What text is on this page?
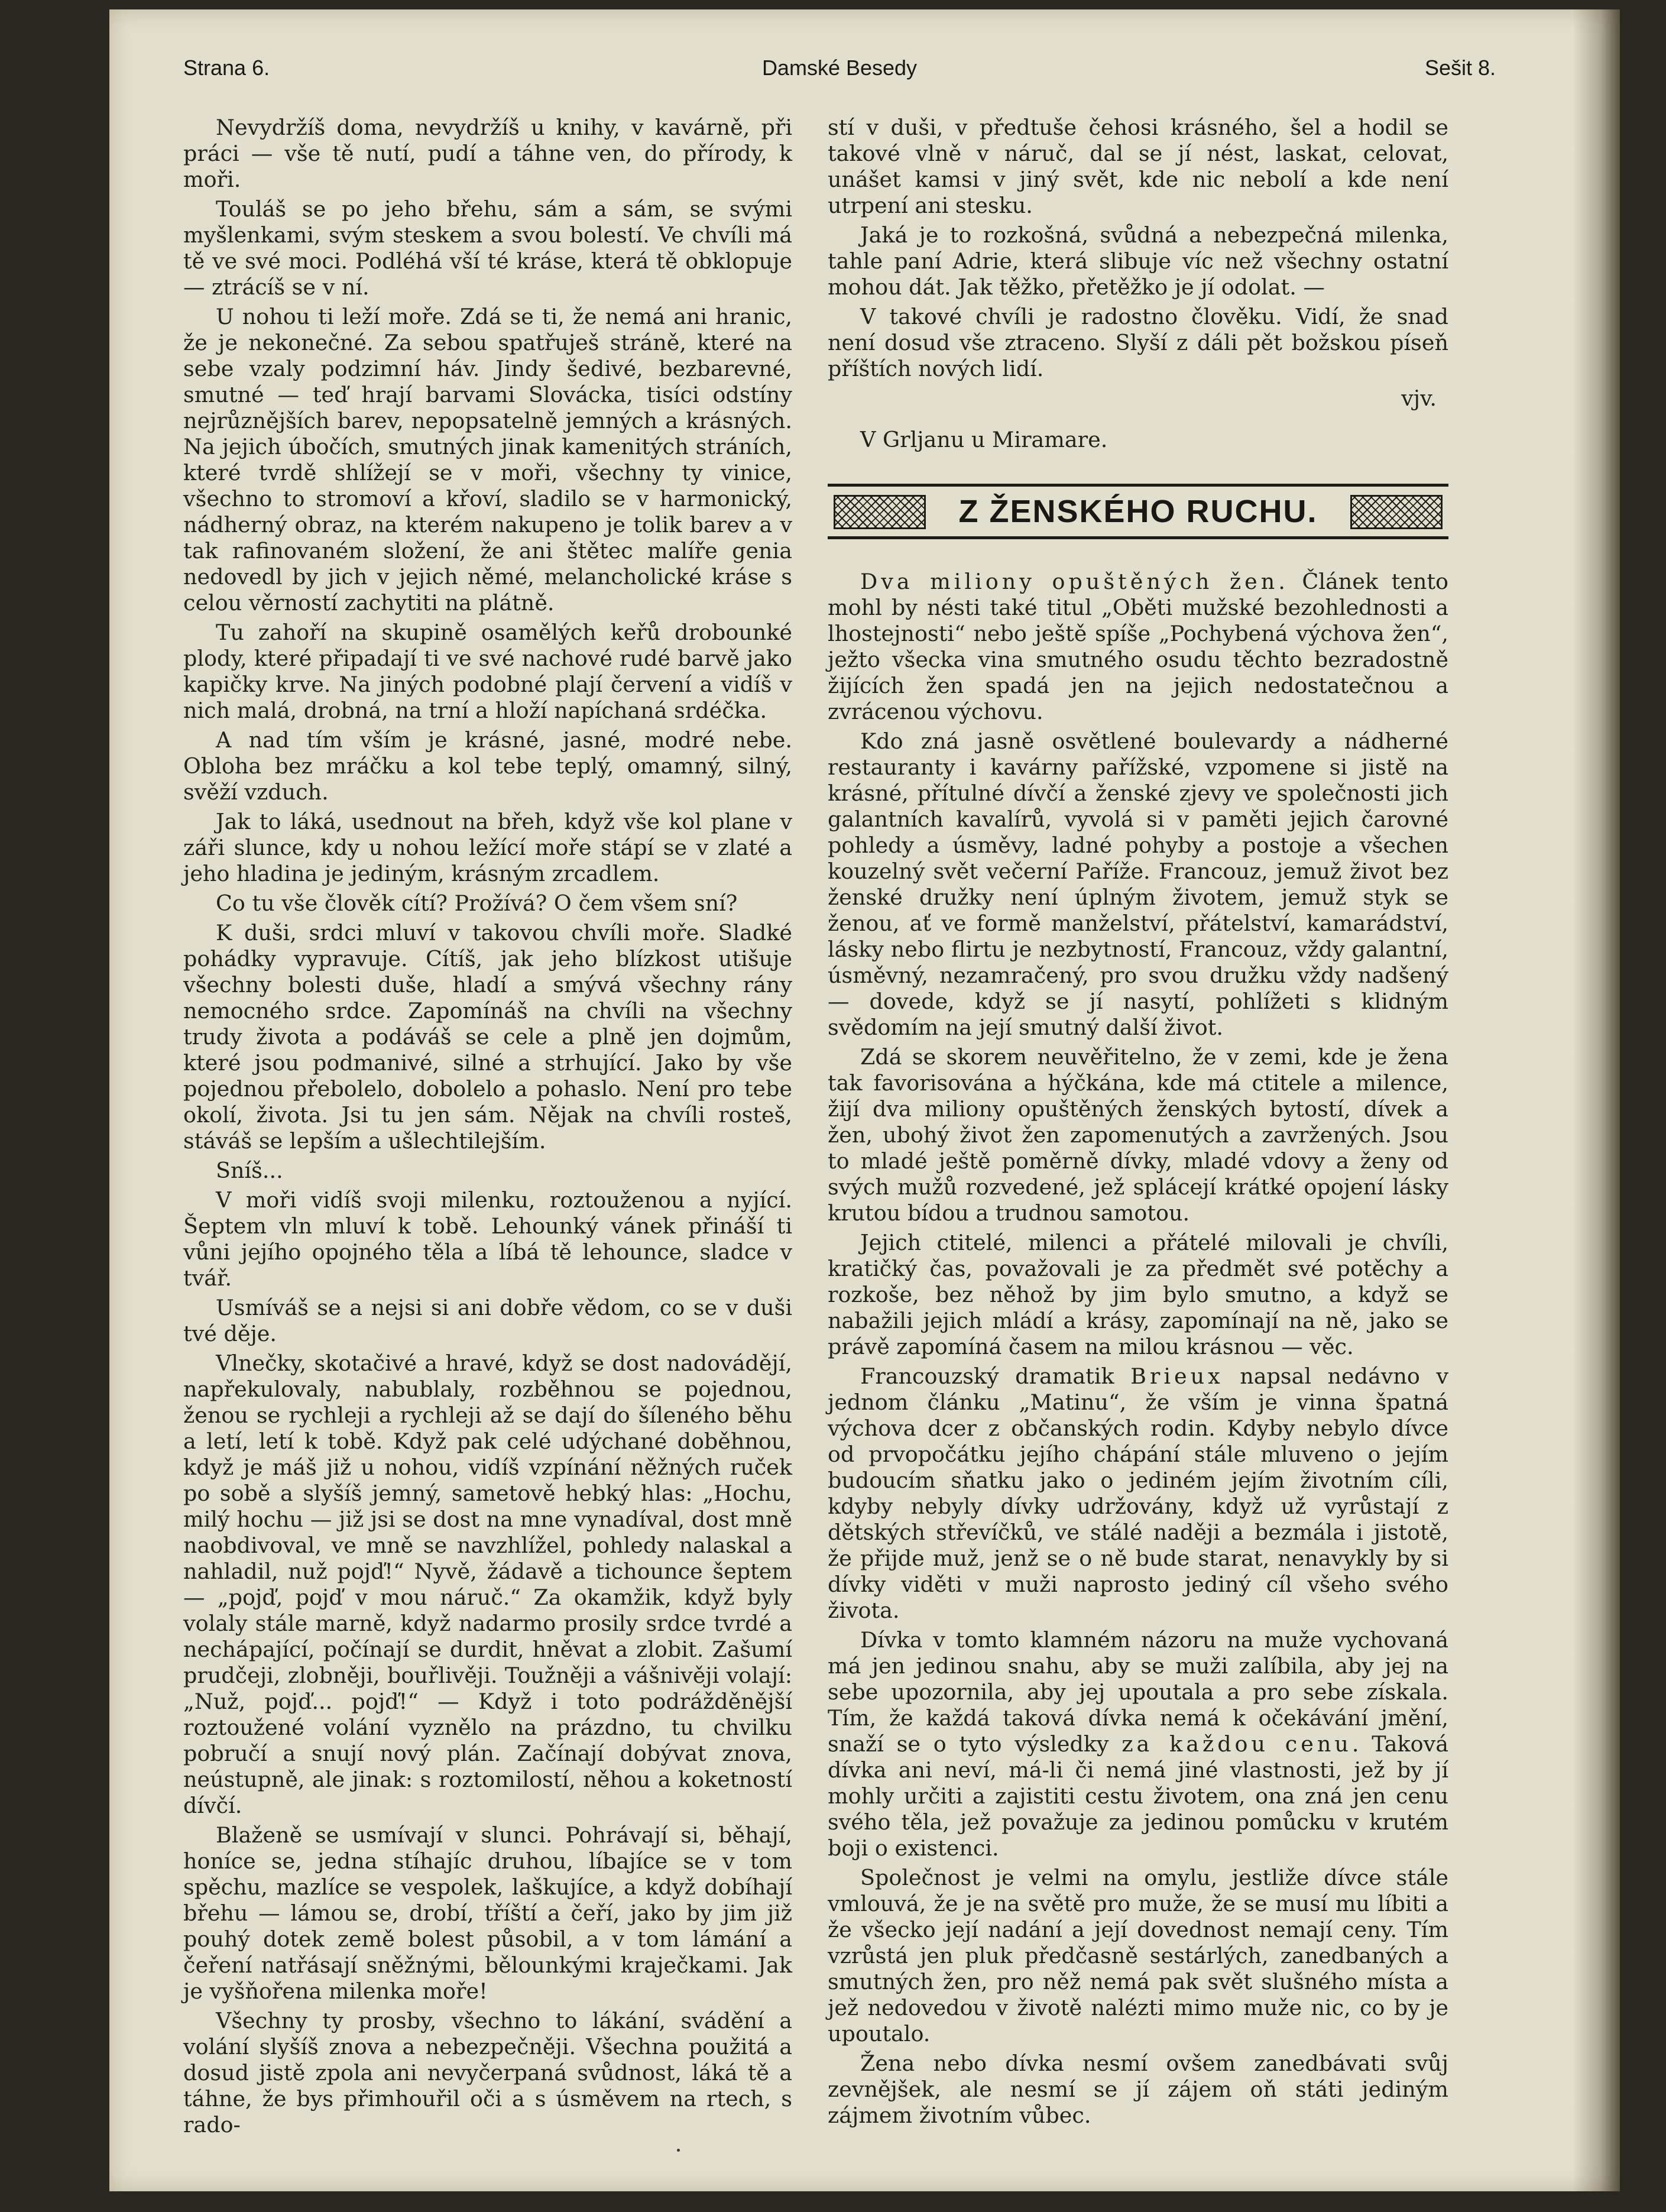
Strana 6.	Damské Besedy	Sešit 8.

Nevydržíš doma, nevydržíš u knihy, v kavárně, při práci — vše tě nutí, pudí a táhne ven, do přírody, k moři.

Touláš se po jeho břehu, sám a sám, se svými myšlenkami, svým steskem a svou bolestí. Ve chvíli má tě ve své moci. Podléhá vší té kráse, která tě obklopuje — ztrácíš se v ní.

U nohou ti leží moře. Zdá se ti, že nemá ani hranic, že je nekonečné. Za sebou spatřuješ stráně, které na sebe vzaly podzimní háv. Jindy šedivé, bezbarevné, smutné — teď hrají barvami Slovácka, tisíci odstíny nejrůznějších barev, nepopsatelně jemných a krásných. Na jejich úbočích, smutných jinak kamenitých stráních, které tvrdě shlížejí se v moři, všechny ty vinice, všechno to stromoví a křoví, sladilo se v harmonický, nádherný obraz, na kterém nakupeno je tolik barev a v tak rafinovaném složení, že ani štětec malíře genia nedovedl by jich v jejich němé, melancholické kráse s celou věrností zachytiti na plátně.

Tu zahoří na skupině osamělých keřů drobounké plody, které připadají ti ve své nachové rudé barvě jako kapičky krve. Na jiných podobné plají červení a vidíš v nich malá, drobná, na trní a hloží napíchaná srdéčka.

A nad tím vším je krásné, jasné, modré nebe. Obloha bez mráčku a kol tebe teplý, omamný, silný, svěží vzduch.

Jak to láká, usednout na břeh, když vše kol plane v záři slunce, kdy u nohou ležící moře stápí se v zlaté a jeho hladina je jediným, krásným zrcadlem.

Co tu vše člověk cítí? Prožívá? O čem všem sní?

K duši, srdci mluví v takovou chvíli moře. Sladké pohádky vypravuje. Cítíš, jak jeho blízkost utišuje všechny bolesti duše, hladí a smývá všechny rány nemocného srdce. Zapomínáš na chvíli na všechny trudy života a podáváš se cele a plně jen dojmům, které jsou podmanivé, silné a strhující. Jako by vše pojednou přebolelo, dobolelo a pohaslo. Není pro tebe okolí, života. Jsi tu jen sám. Nějak na chvíli rosteš, stáváš se lepším a ušlechtilejším.

Sníš...

V moři vidíš svoji milenku, roztouženou a nyjící. Šeptem vln mluví k tobě. Lehounký vánek přináší ti vůni jejího opojného těla a líbá tě lehounce, sladce v tvář.

Usmíváš se a nejsi si ani dobře vědom, co se v duši tvé děje.

Vlnečky, skotačivé a hravé, když se dost nadovádějí, napřekulovaly, nabublaly, rozběhnou se pojednou, ženou se rychleji a rychleji až se dají do šíleného běhu a letí, letí k tobě. Když pak celé udýchané doběhnou, když je máš již u nohou, vidíš vzpínání něžných ruček po sobě a slyšíš jemný, sametově hebký hlas: „Hochu, milý hochu — již jsi se dost na mne vynadíval, dost mně naobdivoval, ve mně se navzhlížel, pohledy nalaskal a nahladil, nuž pojď!“ Nyvě, žádavě a tichounce šeptem — „pojď, pojď v mou náruč.“ Za okamžik, když byly volaly stále marně, když nadarmo prosily srdce tvrdé a nechápající, počínají se durdit, hněvat a zlobit. Zašumí prudčeji, zlobněji, bouřlivěji. Toužněji a vášnivěji volají: „Nuž, pojď... pojď!“ — Když i toto podrážděnější roztoužené volání vyznělo na prázdno, tu chvilku pobručí a snují nový plán. Začínají dobývat znova, neústupně, ale jinak: s roztomilostí, něhou a koketností dívčí.

Blaženě se usmívají v slunci. Pohrávají si, běhají, honíce se, jedna stíhajíc druhou, líbajíce se v tom spěchu, mazlíce se vespolek, laškujíce, a když dobíhají břehu — lámou se, drobí, tříští a čeří, jako by jim již pouhý dotek země bolest působil, a v tom lámání a čeření natřásají sněžnými, bělounkými kraječkami. Jak je vyšňořena milenka moře!

Všechny ty prosby, všechno to lákání, svádění a volání slyšíš znova a nebezpečněji. Všechna použitá a dosud jistě zpola ani nevyčerpaná svůdnost, láká tě a táhne, že bys přimhouřil oči a s úsměvem na rtech, s rado-

stí v duši, v předtuše čehosi krásného, šel a hodil se takové vlně v náruč, dal se jí nést, laskat, celovat, unášet kamsi v jiný svět, kde nic nebolí a kde není utrpení ani stesku.

Jaká je to rozkošná, svůdná a nebezpečná milenka, tahle paní Adrie, která slibuje víc než všechny ostatní mohou dát. Jak těžko, přetěžko je jí odolat. —

V takové chvíli je radostno člověku. Vidí, že snad není dosud vše ztraceno. Slyší z dáli pět božskou píseň příštích nových lidí.

vjv.

V Grljanu u Miramare.

Z ŽENSKÉHO RUCHU.

Dva miliony opuštěných žen. Článek tento mohl by nésti také titul „Oběti mužské bezohlednosti a lhostejnosti“ nebo ještě spíše „Pochybená výchova žen“, ježto všecka vina smutného osudu těchto bezradostně žijících žen spadá jen na jejich nedostatečnou a zvrácenou výchovu.

Kdo zná jasně osvětlené boulevardy a nádherné restauranty i kavárny pařížské, vzpomene si jistě na krásné, přítulné dívčí a ženské zjevy ve společnosti jich galantních kavalírů, vyvolá si v paměti jejich čarovné pohledy a úsměvy, ladné pohyby a postoje a všechen kouzelný svět večerní Paříže. Francouz, jemuž život bez ženské družky není úplným životem, jemuž styk se ženou, ať ve formě manželství, přátelství, kamarádství, lásky nebo flirtu je nezbytností, Francouz, vždy galantní, úsměvný, nezamračený, pro svou družku vždy nadšený — dovede, když se jí nasytí, pohlížeti s klidným svědomím na její smutný další život.

Zdá se skorem neuvěřitelno, že v zemi, kde je žena tak favorisována a hýčkána, kde má ctitele a milence, žijí dva miliony opuštěných ženských bytostí, dívek a žen, ubohý život žen zapomenutých a zavržených. Jsou to mladé ještě poměrně dívky, mladé vdovy a ženy od svých mužů rozvedené, jež splácejí krátké opojení lásky krutou bídou a trudnou samotou.

Jejich ctitelé, milenci a přátelé milovali je chvíli, kratičký čas, považovali je za předmět své potěchy a rozkoše, bez něhož by jim bylo smutno, a když se nabažili jejich mládí a krásy, zapomínají na ně, jako se právě zapomíná časem na milou krásnou — věc.

Francouzský dramatik Brieux napsal nedávno v jednom článku „Matinu“, že vším je vinna špatná výchova dcer z občanských rodin. Kdyby nebylo dívce od prvopočátku jejího chápání stále mluveno o jejím budoucím sňatku jako o jediném jejím životním cíli, kdyby nebyly dívky udržovány, když už vyrůstají z dětských střevíčků, ve stálé naději a bezmála i jistotě, že přijde muž, jenž se o ně bude starat, nenavykly by si dívky viděti v muži naprosto jediný cíl všeho svého života.

Dívka v tomto klamném názoru na muže vychovaná má jen jedinou snahu, aby se muži zalíbila, aby jej na sebe upozornila, aby jej upoutala a pro sebe získala. Tím, že každá taková dívka nemá k očekávání jmění, snaží se o tyto výsledky za každou cenu. Taková dívka ani neví, má-li či nemá jiné vlastnosti, jež by jí mohly určiti a zajistiti cestu životem, ona zná jen cenu svého těla, jež považuje za jedinou pomůcku v krutém boji o existenci.

Společnost je velmi na omylu, jestliže dívce stále vmlouvá, že je na světě pro muže, že se musí mu líbiti a že všecko její nadání a její dovednost nemají ceny. Tím vzrůstá jen pluk předčasně sestárlých, zanedbaných a smutných žen, pro něž nemá pak svět slušného místa a jež nedovedou v životě nalézti mimo muže nic, co by je upoutalo.

Žena nebo dívka nesmí ovšem zanedbávati svůj zevnějšek, ale nesmí se jí zájem oň státi jediným zájmem životním vůbec.
